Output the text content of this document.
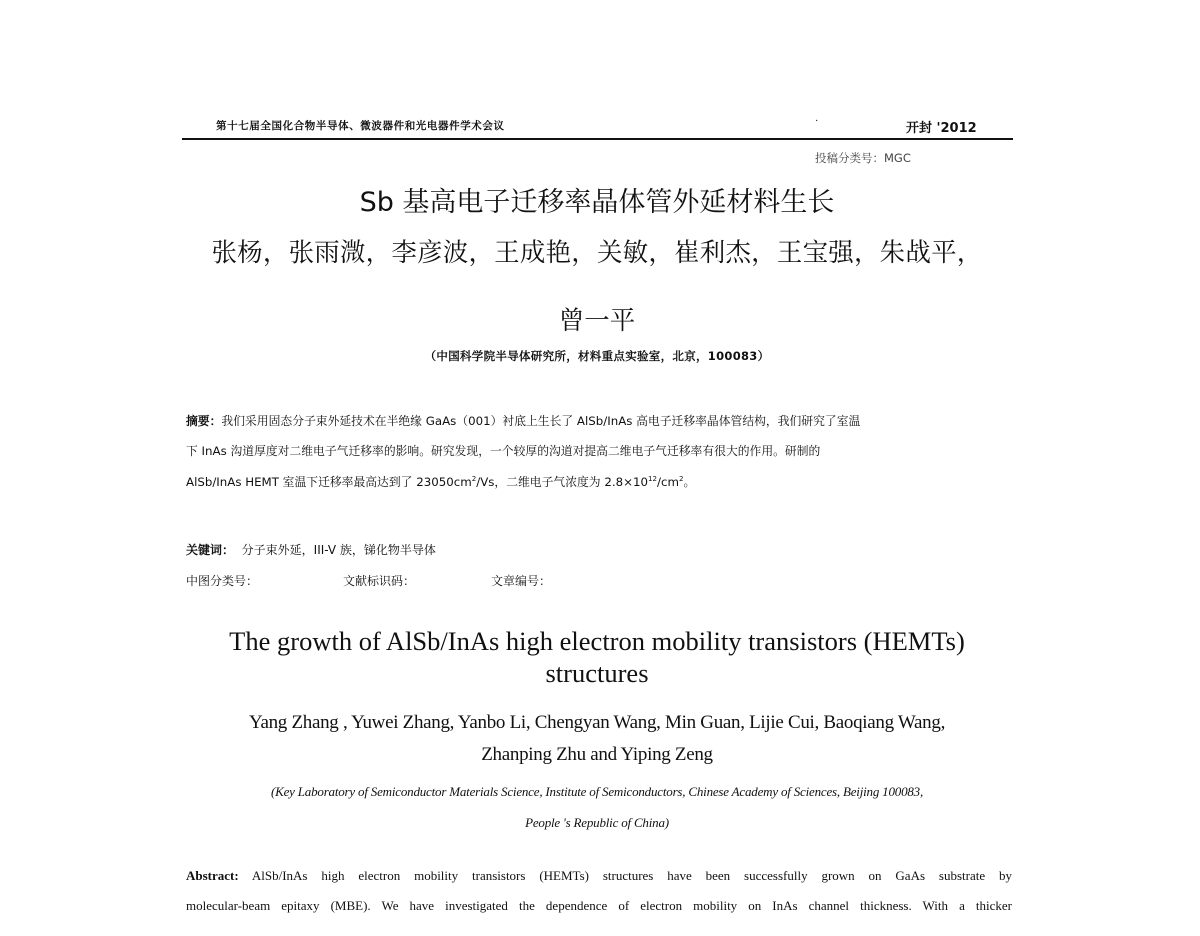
第十七届全国化合物半导体、微波器件和光电器件学术会议	·	开封 '2012
投稿分类号：MGC
Sb 基高电子迁移率晶体管外延材料生长
张杨，张雨溦，李彦波，王成艳，关敏，崔利杰，王宝强，朱战平，
曾一平
（中国科学院半导体研究所，材料重点实验室，北京，100083）
摘要：我们采用固态分子束外延技术在半绝缘 GaAs（001）衬底上生长了 AlSb/InAs 高电子迁移率晶体管结构，我们研究了室温
下 InAs 沟道厚度对二维电子气迁移率的影响。研究发现，一个较厚的沟道对提高二维电子气迁移率有很大的作用。研制的
AlSb/InAs HEMT 室温下迁移率最高达到了 $23050cm^2/Vs$，二维电子气浓度为 $2.8\times 10^{12}/cm^2$。
关键词： 分子束外延，III-V 族，锑化物半导体
中图分类号：	文献标识码：	文章编号：
The growth of AlSb/InAs high electron mobility transistors (HEMTs)
structures
Yang Zhang , Yuwei Zhang, Yanbo Li, Chengyan Wang, Min Guan, Lijie Cui, Baoqiang Wang,
Zhanping Zhu and Yiping Zeng
(Key Laboratory of Semiconductor Materials Science, Institute of Semiconductors, Chinese Academy of Sciences, Beijing 100083,
People 's Republic of China)
Abstract: AlSb/InAs high electron mobility transistors (HEMTs) structures have been successfully grown on GaAs substrate by
molecular-beam epitaxy (MBE). We have investigated the dependence of electron mobility on InAs channel thickness. With a thicker
